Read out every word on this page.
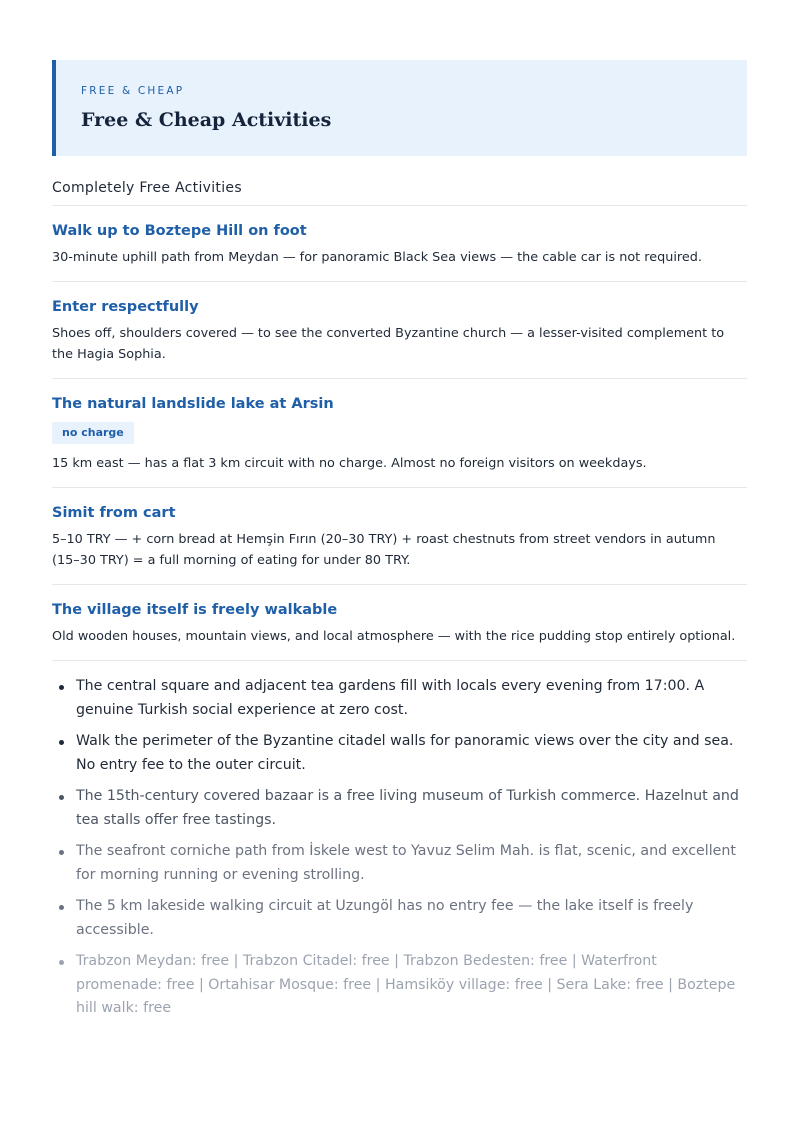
FREE & CHEAP
Free & Cheap Activities
Completely Free Activities
Walk up to Boztepe Hill on foot
30-minute uphill path from Meydan — for panoramic Black Sea views — the cable car is not required.
Enter respectfully
Shoes off, shoulders covered — to see the converted Byzantine church — a lesser-visited complement to the Hagia Sophia.
The natural landslide lake at Arsin
no charge
15 km east — has a flat 3 km circuit with no charge. Almost no foreign visitors on weekdays.
Simit from cart
5–10 TRY — + corn bread at Hemşin Fırın (20–30 TRY) + roast chestnuts from street vendors in autumn (15–30 TRY) = a full morning of eating for under 80 TRY.
The village itself is freely walkable
Old wooden houses, mountain views, and local atmosphere — with the rice pudding stop entirely optional.
The central square and adjacent tea gardens fill with locals every evening from 17:00. A genuine Turkish social experience at zero cost.
Walk the perimeter of the Byzantine citadel walls for panoramic views over the city and sea. No entry fee to the outer circuit.
The 15th-century covered bazaar is a free living museum of Turkish commerce. Hazelnut and tea stalls offer free tastings.
The seafront corniche path from İskele west to Yavuz Selim Mah. is flat, scenic, and excellent for morning running or evening strolling.
The 5 km lakeside walking circuit at Uzungöl has no entry fee — the lake itself is freely accessible.
Trabzon Meydan: free | Trabzon Citadel: free | Trabzon Bedesten: free | Waterfront promenade: free | Ortahisar Mosque: free | Hamsiköy village: free | Sera Lake: free | Boztepe hill walk: free
